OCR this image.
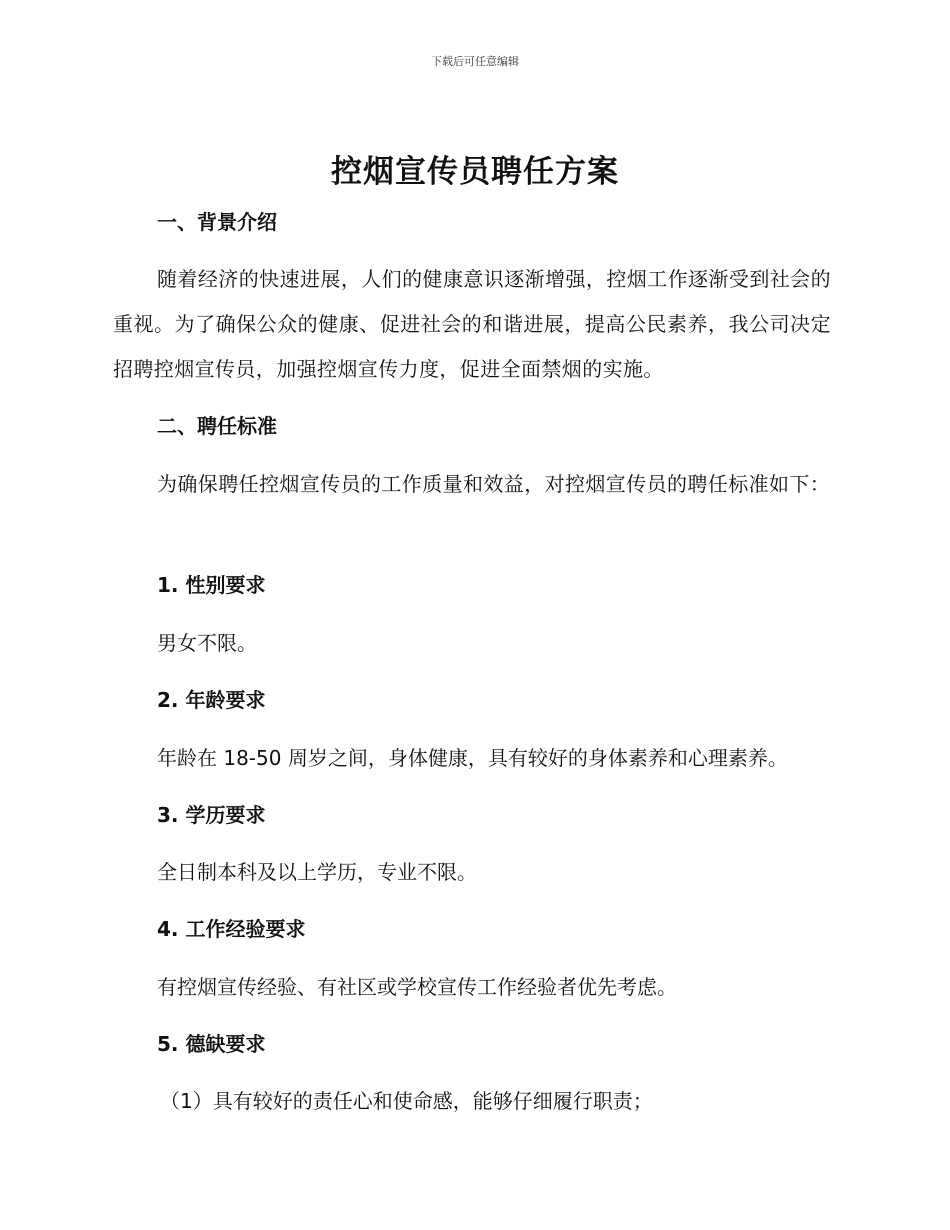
下载后可任意编辑
控烟宣传员聘任方案
一、背景介绍
随着经济的快速进展，人们的健康意识逐渐增强，控烟工作逐渐受到社会的重视。为了确保公众的健康、促进社会的和谐进展，提高公民素养，我公司决定招聘控烟宣传员，加强控烟宣传力度，促进全面禁烟的实施。
二、聘任标准
为确保聘任控烟宣传员的工作质量和效益，对控烟宣传员的聘任标准如下：
1. 性别要求
男女不限。
2. 年龄要求
年龄在 18-50 周岁之间，身体健康，具有较好的身体素养和心理素养。
3. 学历要求
全日制本科及以上学历，专业不限。
4. 工作经验要求
有控烟宣传经验、有社区或学校宣传工作经验者优先考虑。
5. 德缺要求
（1）具有较好的责任心和使命感，能够仔细履行职责；
